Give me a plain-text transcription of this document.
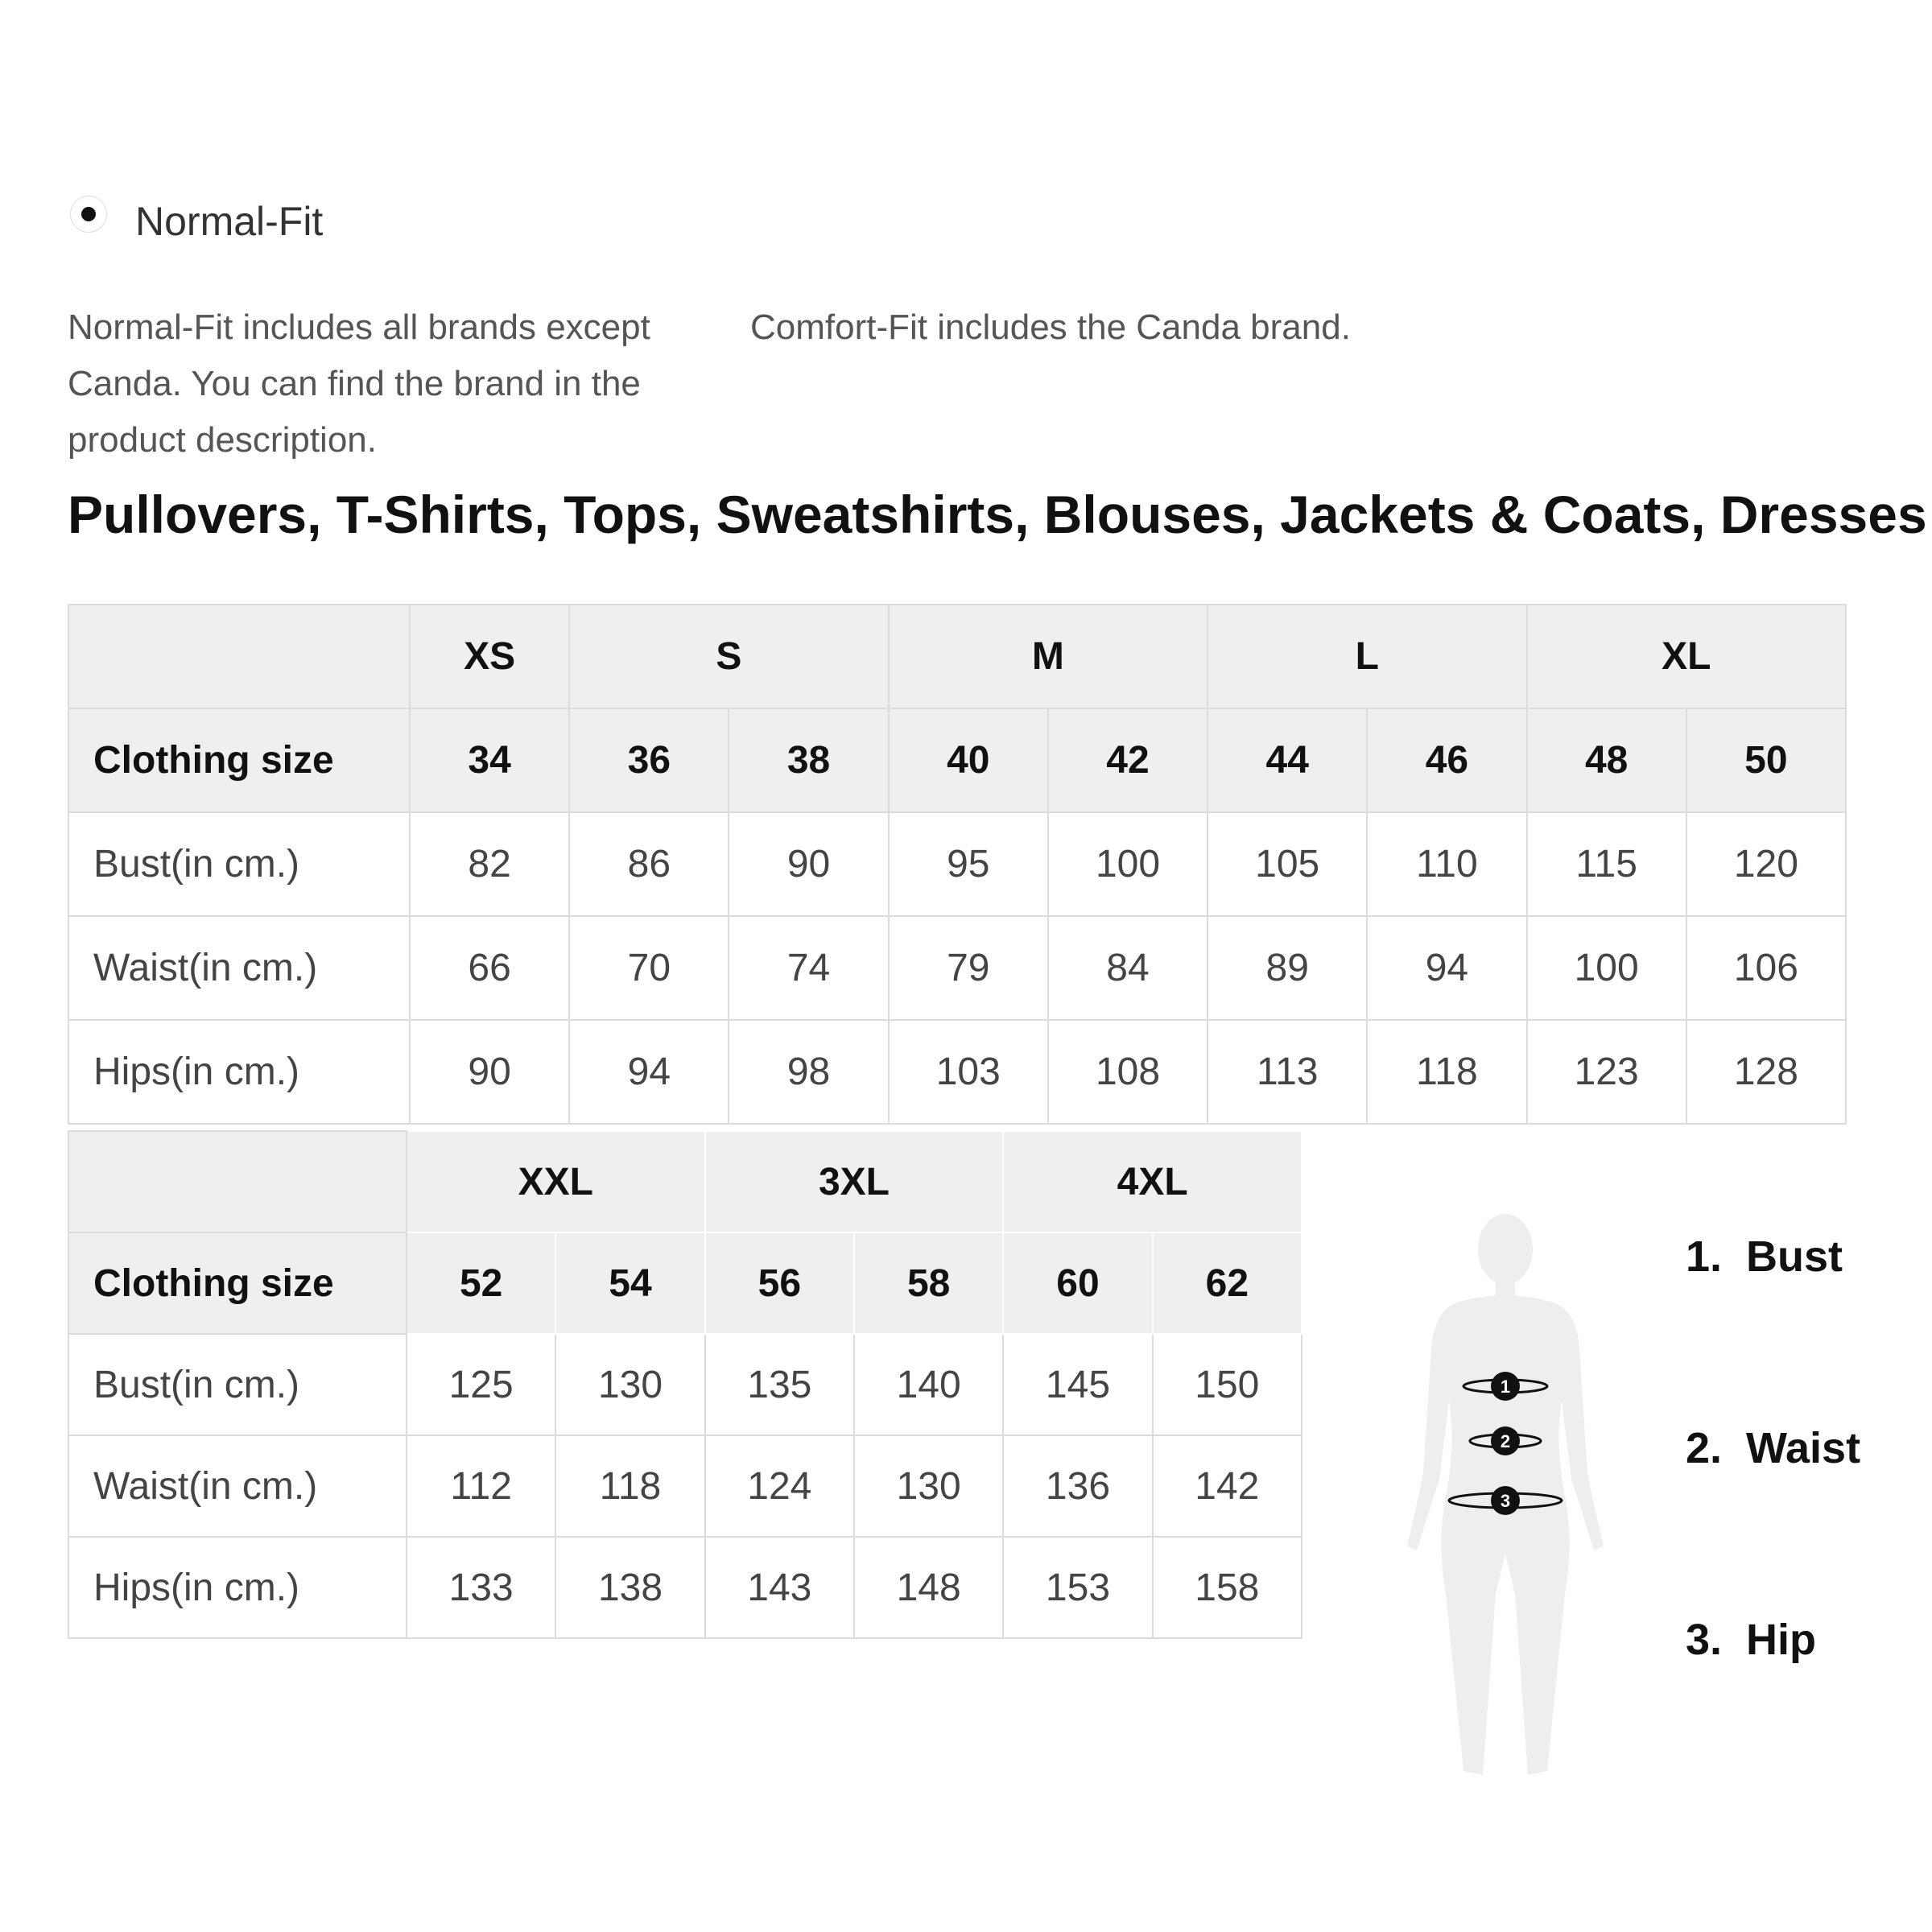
Normal-Fit
Normal-Fit includes all brands except Canda. You can find the brand in the product description.
Comfort-Fit includes the Canda brand.
Pullovers, T-Shirts, Tops, Sweatshirts, Blouses, Jackets & Coats, Dresses
	XS	S		M		L		XL	
Clothing size	34	36	38	40	42	44	46	48	50
Bust(in cm.)	82	86	90	95	100	105	110	115	120
Waist(in cm.)	66	70	74	79	84	89	94	100	106
Hips(in cm.)	90	94	98	103	108	113	118	123	128
	XXL		3XL		4XL	
Clothing size	52	54	56	58	60	62
Bust(in cm.)	125	130	135	140	145	150
Waist(in cm.)	112	118	124	130	136	142
Hips(in cm.)	133	138	143	148	153	158
1
2
3
1.  Bust
2.  Waist
3.  Hip
